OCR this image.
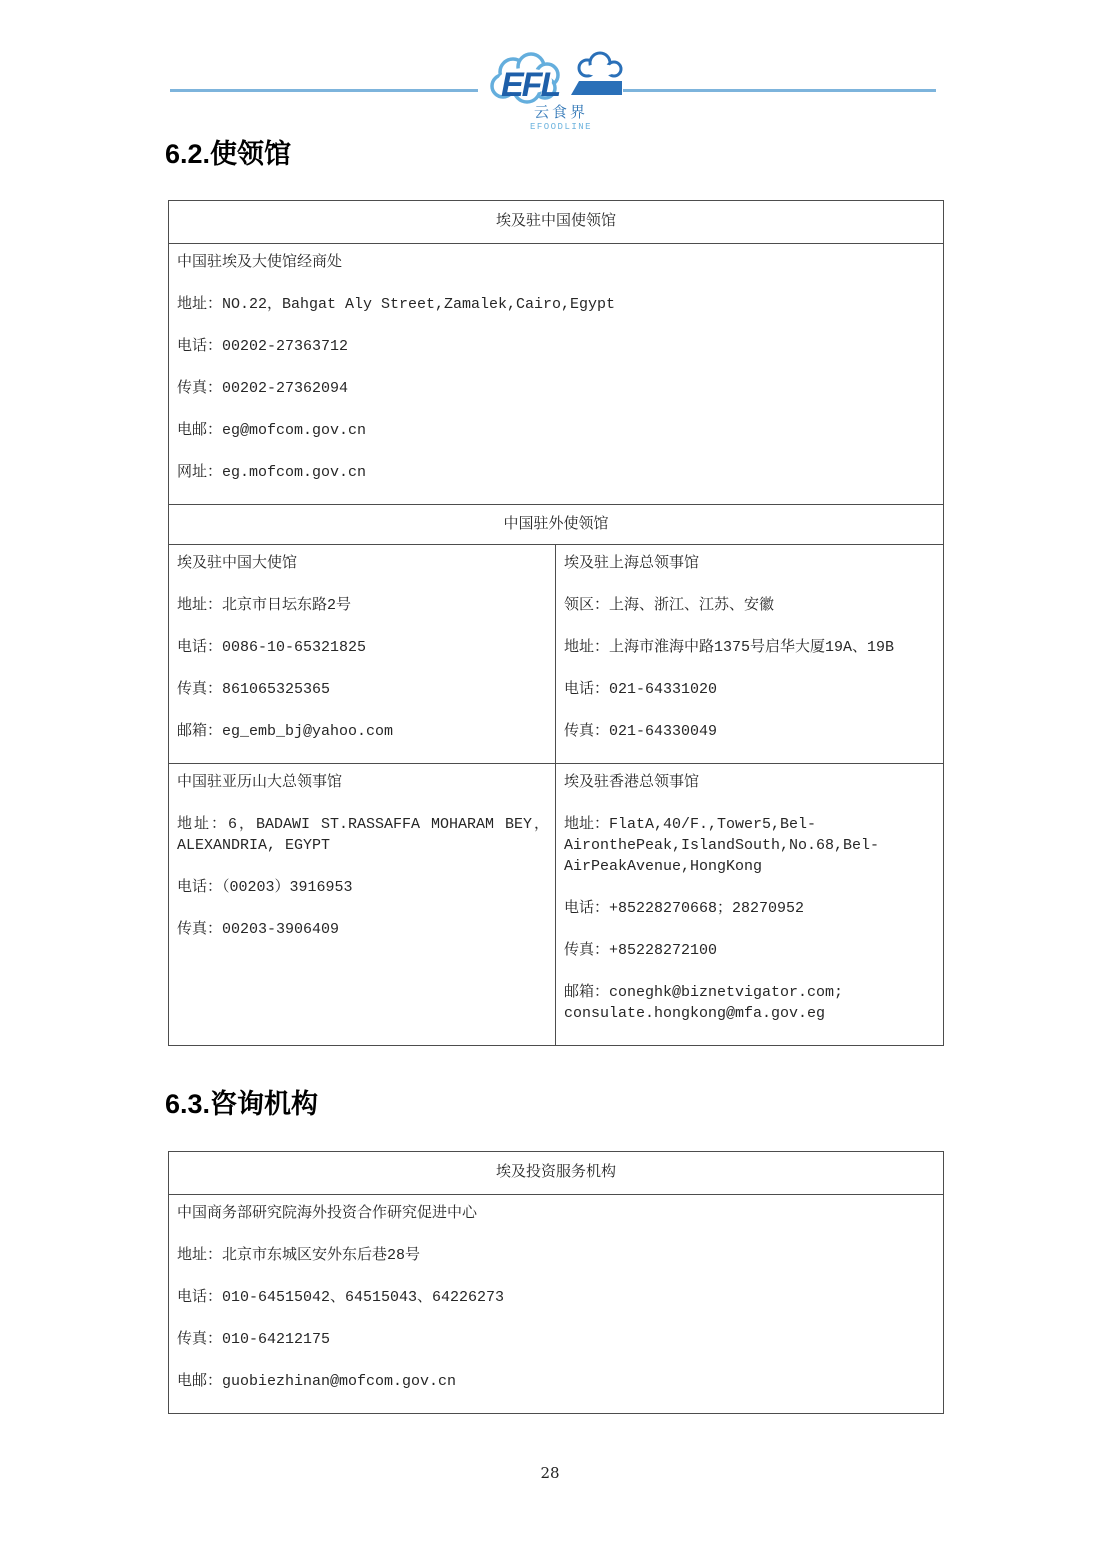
EFL
云食界
EFOODLINE
6.2.使领馆
埃及驻中国使领馆
中国驻埃及大使馆经商处
地址：NO.22，Bahgat Aly Street,Zamalek,Cairo,Egypt
电话：00202-27363712
传真：00202-27362094
电邮：eg@mofcom.gov.cn
网址：eg.mofcom.gov.cn
中国驻外使领馆
埃及驻中国大使馆
地址：北京市日坛东路2号
电话：0086-10-65321825
传真：861065325365
邮箱：eg_emb_bj@yahoo.com
埃及驻上海总领事馆
领区：上海、浙江、江苏、安徽
地址：上海市淮海中路1375号启华大厦19A、19B
电话：021-64331020
传真：021-64330049
中国驻亚历山大总领事馆
地址：6，BADAWI ST.RASSAFFA MOHARAM BEY，ALEXANDRIA, EGYPT
电话：（00203）3916953
传真：00203-3906409
埃及驻香港总领事馆
地址：FlatA,40/F.,Tower5,Bel-
AironthePeak,IslandSouth,No.68,Bel-
AirPeakAvenue,HongKong
电话：+85228270668；28270952
传真：+85228272100
邮箱：coneghk@biznetvigator.com;
consulate.hongkong@mfa.gov.eg
6.3.咨询机构
埃及投资服务机构
中国商务部研究院海外投资合作研究促进中心
地址：北京市东城区安外东后巷28号
电话：010-64515042、64515043、64226273
传真：010-64212175
电邮：guobiezhinan@mofcom.gov.cn
28
